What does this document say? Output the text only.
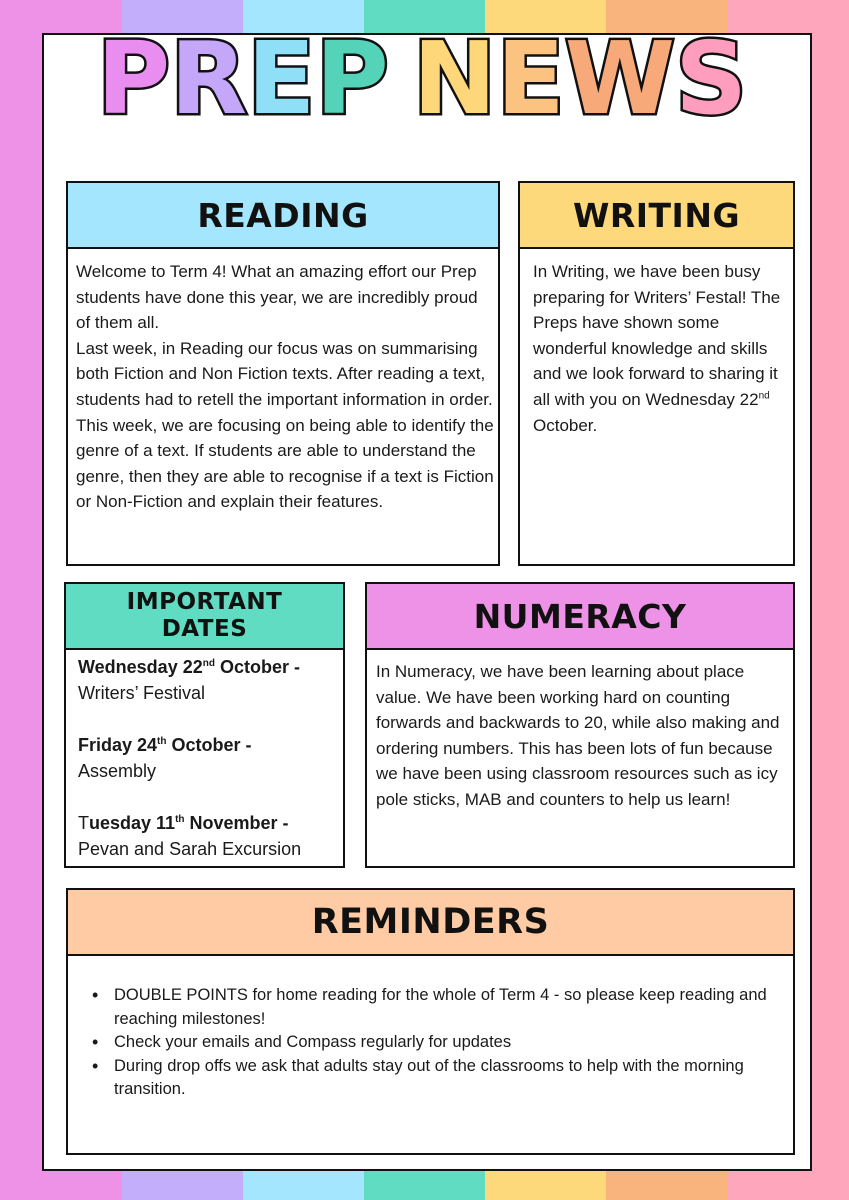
PREP NEWS
READING

Welcome to Term 4! What an amazing effort our Prep students have done this year, we are incredibly proud of them all.

Last week, in Reading our focus was on summarising both Fiction and Non Fiction texts. After reading a text, students had to retell the important information in order.

This week, we are focusing on being able to identify the genre of a text. If students are able to understand the genre, then they are able to recognise if a text is Fiction or Non-Fiction and explain their features.

WRITING

In Writing, we have been busy preparing for Writers’ Festal! The Preps have shown some wonderful knowledge and skills and we look forward to sharing it all with you on Wednesday 22nd October.

IMPORTANT DATES

Wednesday 22nd October -

Writers’ Festival

Friday 24th October -

Assembly

Tuesday 11th November -

Pevan and Sarah Excursion

NUMERACY

In Numeracy, we have been learning about place value. We have been working hard on counting forwards and backwards to 20, while also making and ordering numbers. This has been lots of fun because we have been using classroom resources such as icy pole sticks, MAB and counters to help us learn!

REMINDERS
• DOUBLE POINTS for home reading for the whole of Term 4 - so please keep reading and reaching milestones!
• Check your emails and Compass regularly for updates
• During drop offs we ask that adults stay out of the classrooms to help with the morning transition.
